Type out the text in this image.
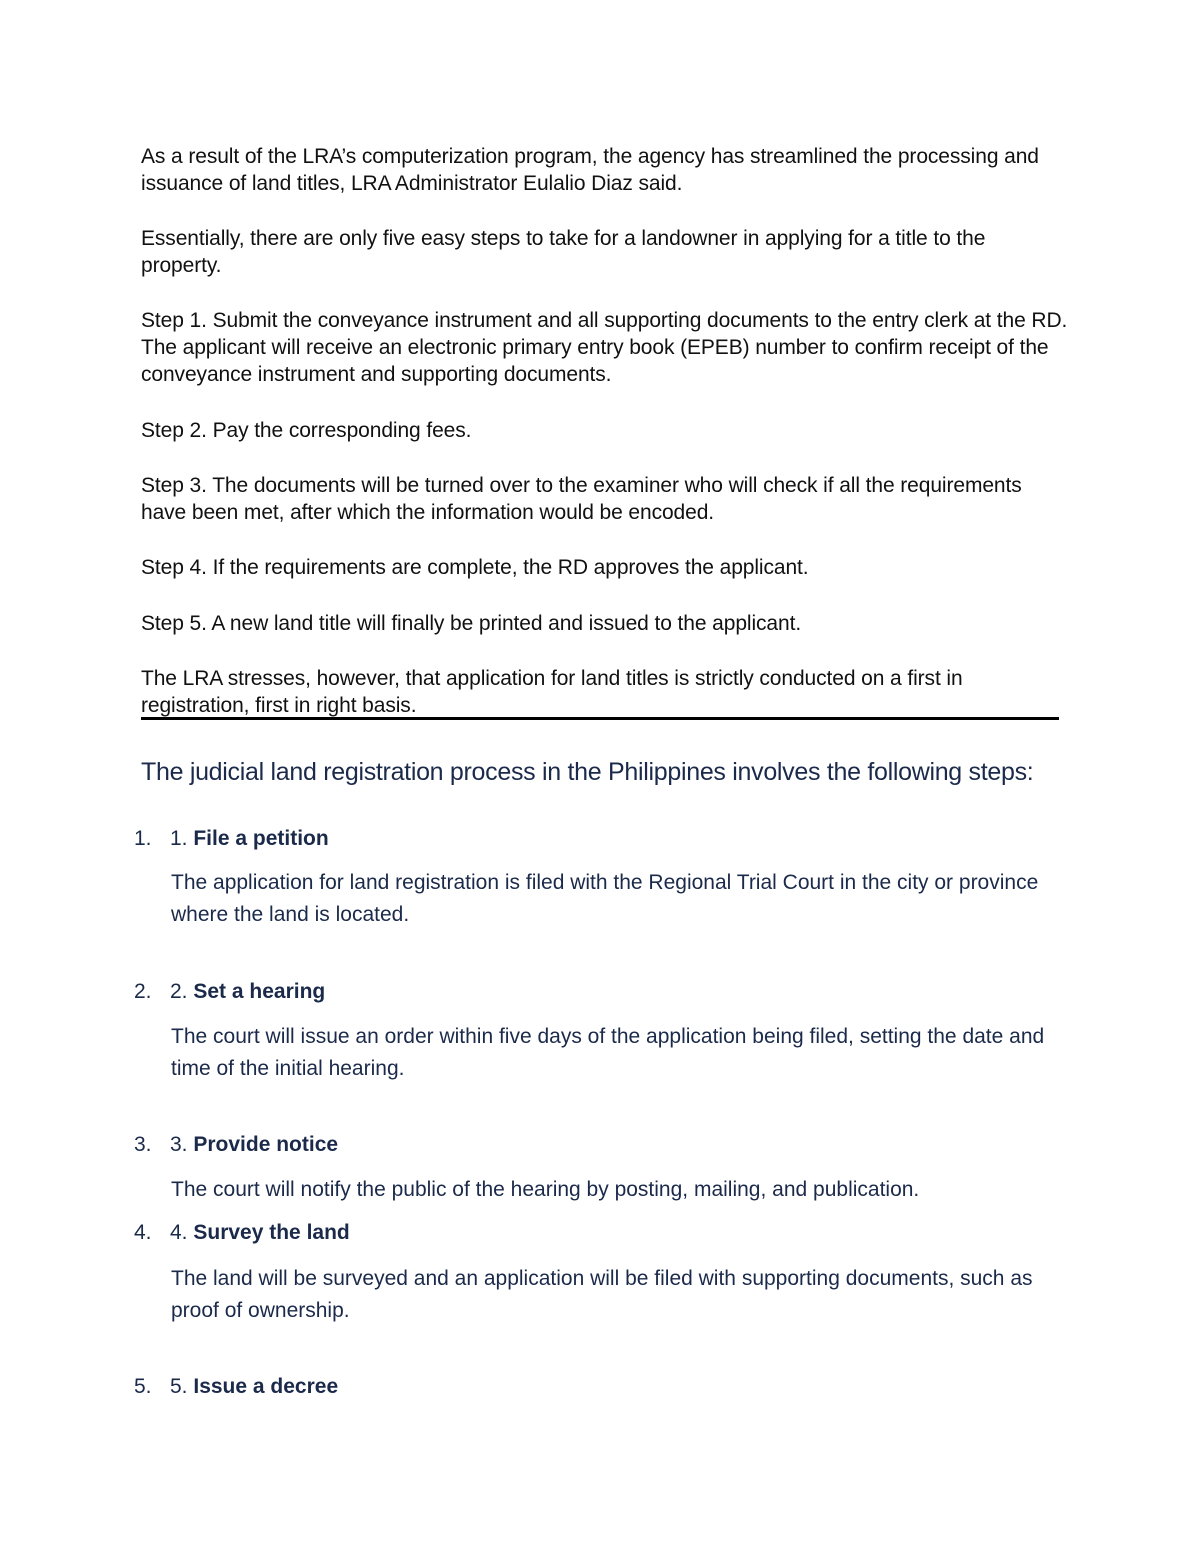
As a result of the LRA’s computerization program, the agency has streamlined the processing and issuance of land titles, LRA Administrator Eulalio Diaz said.

Essentially, there are only five easy steps to take for a landowner in applying for a title to the property.

Step 1. Submit the conveyance instrument and all supporting documents to the entry clerk at the RD. The applicant will receive an electronic primary entry book (EPEB) number to confirm receipt of the conveyance instrument and supporting documents.

Step 2. Pay the corresponding fees.

Step 3. The documents will be turned over to the examiner who will check if all the requirements have been met, after which the information would be encoded.

Step 4. If the requirements are complete, the RD approves the applicant.

Step 5. A new land title will finally be printed and issued to the applicant.

The LRA stresses, however, that application for land titles is strictly conducted on a first in registration, first in right basis.

The judicial land registration process in the Philippines involves the following steps:

1. 1. File a petition

The application for land registration is filed with the Regional Trial Court in the city or province where the land is located.

2. 2. Set a hearing

The court will issue an order within five days of the application being filed, setting the date and time of the initial hearing.

3. 3. Provide notice

The court will notify the public of the hearing by posting, mailing, and publication.

4. 4. Survey the land

The land will be surveyed and an application will be filed with supporting documents, such as proof of ownership.

5. 5. Issue a decree
